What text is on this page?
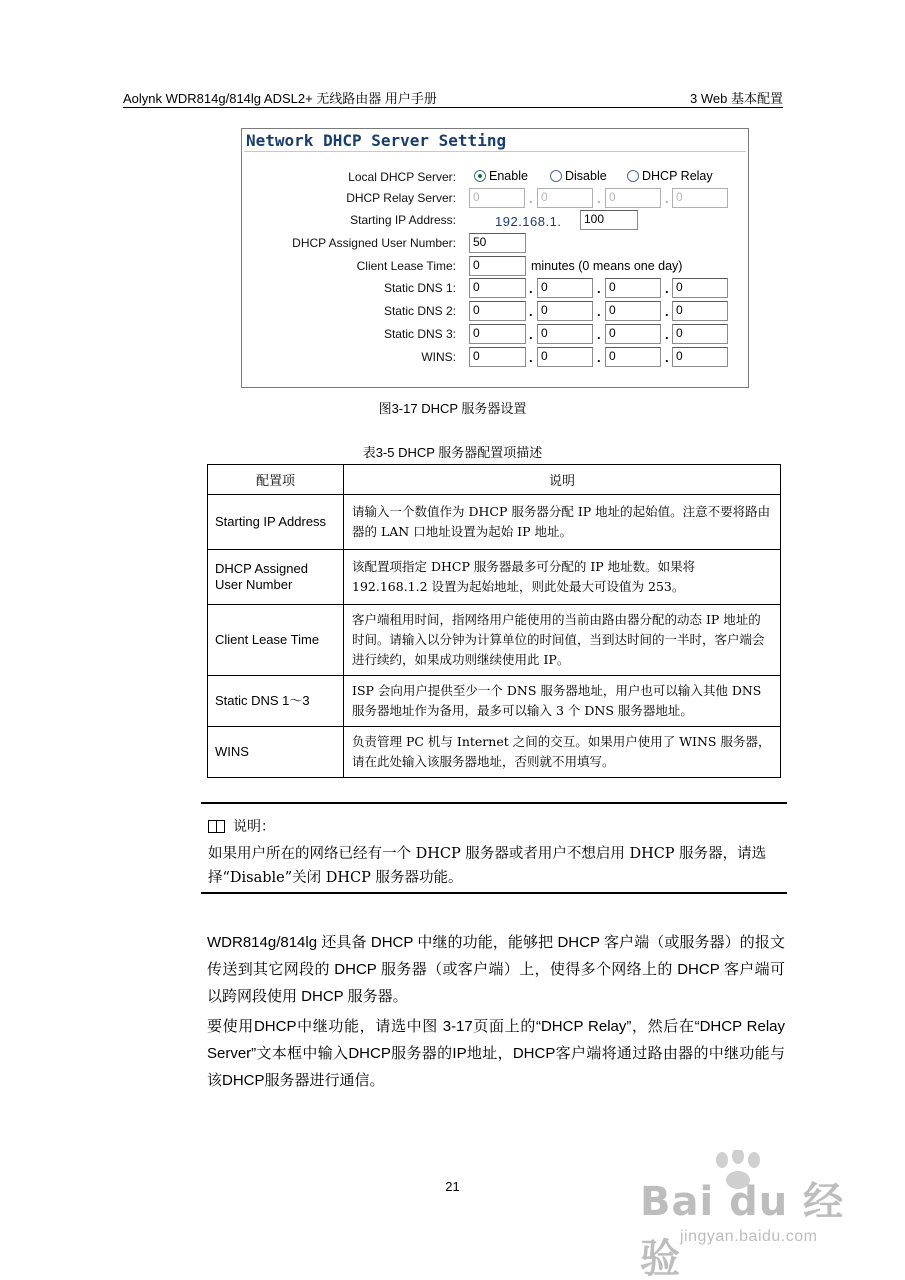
Aolynk WDR814g/814lg ADSL2+ 无线路由器 用户手册	3 Web 基本配置
Network DHCP Server Setting
Local DHCP Server:	Enable	Disable	DHCP Relay
DHCP Relay Server:	0	. 0	. 0	. 0
Starting IP Address:	192.168.1.	100
DHCP Assigned User Number:	50
Client Lease Time:	0	minutes (0 means one day)
Static DNS 1:	0	. 0	. 0	. 0
Static DNS 2:	0	. 0	. 0	. 0
Static DNS 3:	0	. 0	. 0	. 0
WINS:	0	. 0	. 0	. 0
图3-17 DHCP 服务器设置
表3-5 DHCP 服务器配置项描述
配置项	说明
Starting IP Address	请输入一个数值作为 DHCP 服务器分配 IP 地址的起始值。注意不要将路由器的 LAN 口地址设置为起始 IP 地址。
DHCP Assigned User Number	该配置项指定 DHCP 服务器最多可分配的 IP 地址数。如果将 192.168.1.2 设置为起始地址，则此处最大可设值为 253。
Client Lease Time	客户端租用时间，指网络用户能使用的当前由路由器分配的动态 IP 地址的时间。请输入以分钟为计算单位的时间值，当到达时间的一半时，客户端会进行续约，如果成功则继续使用此 IP。
Static DNS 1～3	ISP 会向用户提供至少一个 DNS 服务器地址，用户也可以输入其他 DNS 服务器地址作为备用，最多可以输入 3 个 DNS 服务器地址。
WINS	负责管理 PC 机与 Internet 之间的交互。如果用户使用了 WINS 服务器，请在此处输入该服务器地址，否则就不用填写。
说明：
如果用户所在的网络已经有一个 DHCP 服务器或者用户不想启用 DHCP 服务器，请选择“Disable”关闭 DHCP 服务器功能。
WDR814g/814lg 还具备 DHCP 中继的功能，能够把 DHCP 客户端（或服务器）的报文传送到其它网段的 DHCP 服务器（或客户端）上，使得多个网络上的 DHCP 客户端可以跨网段使用 DHCP 服务器。
要使用DHCP中继功能，请选中图 3-17页面上的“DHCP Relay”，然后在“DHCP Relay Server”文本框中输入DHCP服务器的IP地址，DHCP客户端将通过路由器的中继功能与该DHCP服务器进行通信。
21	Bai du 经验 jingyan.baidu.com
